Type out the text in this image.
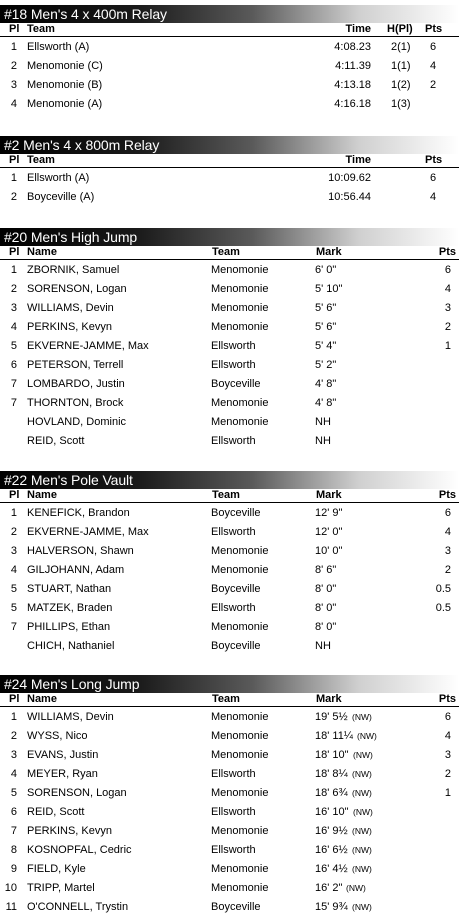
#18 Men's 4 x 400m Relay
Pl Team	Time H(Pl) Pts
1 Ellsworth (A)	4:08.23 2(1) 6
2 Menomonie (C)	4:11.39 1(1) 4
3 Menomonie (B)	4:13.18 1(2) 2
4 Menomonie (A)	4:16.18 1(3)
#2 Men's 4 x 800m Relay
Pl Team	Time	Pts
1 Ellsworth (A)	10:09.62	6
2 Boyceville (A)	10:56.44	4
#20 Men's High Jump
Pl Name	Team	Mark	Pts
1 ZBORNIK, Samuel	Menomonie	6' 0"	6
2 SORENSON, Logan	Menomonie	5' 10"	4
3 WILLIAMS, Devin	Menomonie	5' 6"	3
4 PERKINS, Kevyn	Menomonie	5' 6"	2
5 EKVERNE-JAMME, Max	Ellsworth	5' 4"	1
6 PETERSON, Terrell	Ellsworth	5' 2"
7 LOMBARDO, Justin	Boyceville	4' 8"
7 THORNTON, Brock	Menomonie	4' 8"
HOVLAND, Dominic	Menomonie	NH
REID, Scott	Ellsworth	NH
#22 Men's Pole Vault
Pl Name	Team	Mark	Pts
1 KENEFICK, Brandon	Boyceville	12' 9"	6
2 EKVERNE-JAMME, Max	Ellsworth	12' 0"	4
3 HALVERSON, Shawn	Menomonie	10' 0"	3
4 GILJOHANN, Adam	Menomonie	8' 6"	2
5 STUART, Nathan	Boyceville	8' 0"	0.5
5 MATZEK, Braden	Ellsworth	8' 0"	0.5
7 PHILLIPS, Ethan	Menomonie	8' 0"
CHICH, Nathaniel	Boyceville	NH
#24 Men's Long Jump
Pl Name	Team	Mark	Pts
1 WILLIAMS, Devin	Menomonie	19' 5½	6
(NW)
2 WYSS, Nico	Menomonie	18' 11¼	4
(NW)
3 EVANS, Justin	Menomonie	18' 10"	3
(NW)
4 MEYER, Ryan	Ellsworth	18' 8¼	2
(NW)
5 SORENSON, Logan	Menomonie	18' 6¾	1
(NW)
6 REID, Scott	Ellsworth	16' 10" (NW)
7 PERKINS, Kevyn	Menomonie	16' 9½ (NW)
8 KOSNOPFAL, Cedric	Ellsworth	16' 6½ (NW)
9 FIELD, Kyle	Menomonie	16' 4½ (NW)
10 TRIPP, Martel	Menomonie	16' 2" (NW)
11 O'CONNELL, Trystin	Boyceville	15' 9¾ (NW)
